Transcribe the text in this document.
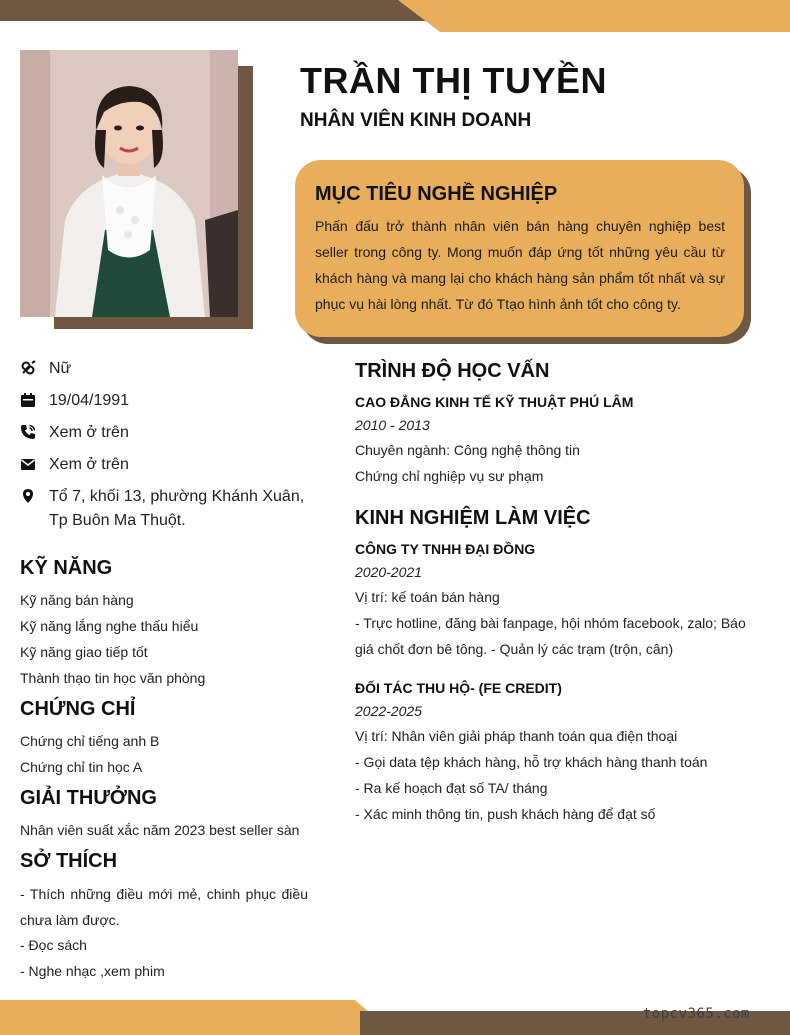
topcv365.com
TRẦN THỊ TUYỀN
NHÂN VIÊN KINH DOANH
MỤC TIÊU NGHỀ NGHIỆP
Phấn đấu trở thành nhân viên bán hàng chuyên nghiệp best seller trong công ty. Mong muốn đáp ứng tốt những yêu cầu từ khách hàng và mang lại cho khách hàng sản phẩm tốt nhất và sự phục vụ hài lòng nhất. Từ đó Ttạo hình ảnh tốt cho công ty.
Nữ
19/04/1991
Xem ở trên
Xem ở trên
Tổ 7, khối 13, phường Khánh Xuân,
Tp Buôn Ma Thuột.
KỸ NĂNG
Kỹ năng bán hàng
Kỹ năng lắng nghe thấu hiểu
Kỹ năng giao tiếp tốt
Thành thạo tin học văn phòng
CHỨNG CHỈ
Chứng chỉ tiếng anh B
Chứng chỉ tin học A
GIẢI THƯỞNG
Nhân viên suất xắc năm 2023 best seller sàn
SỞ THÍCH
- Thích những điều mới mẻ, chinh phục điều chưa làm được.
- Đọc sách
- Nghe nhạc ,xem phim
TRÌNH ĐỘ HỌC VẤN
CAO ĐẲNG KINH TẾ KỸ THUẬT PHÚ LÂM
2010 - 2013
Chuyên ngành: Công nghệ thông tin
Chứng chỉ nghiệp vụ sư phạm
KINH NGHIỆM LÀM VIỆC
CÔNG TY TNHH ĐẠI ĐỒNG
2020-2021
Vị trí: kế toán bán hàng
- Trực hotline, đăng bài fanpage, hội nhóm facebook, zalo; Báo giá chốt đơn bê tông. - Quản lý các trạm (trộn, cân)
ĐỐI TÁC THU HỘ- (FE CREDIT)
2022-2025
Vị trí: Nhân viên giải pháp thanh toán qua điện thoại
- Gọi data tệp khách hàng, hỗ trợ khách hàng thanh toán
- Ra kế hoạch đạt số TA/ tháng
- Xác minh thông tin, push khách hàng để đạt số
